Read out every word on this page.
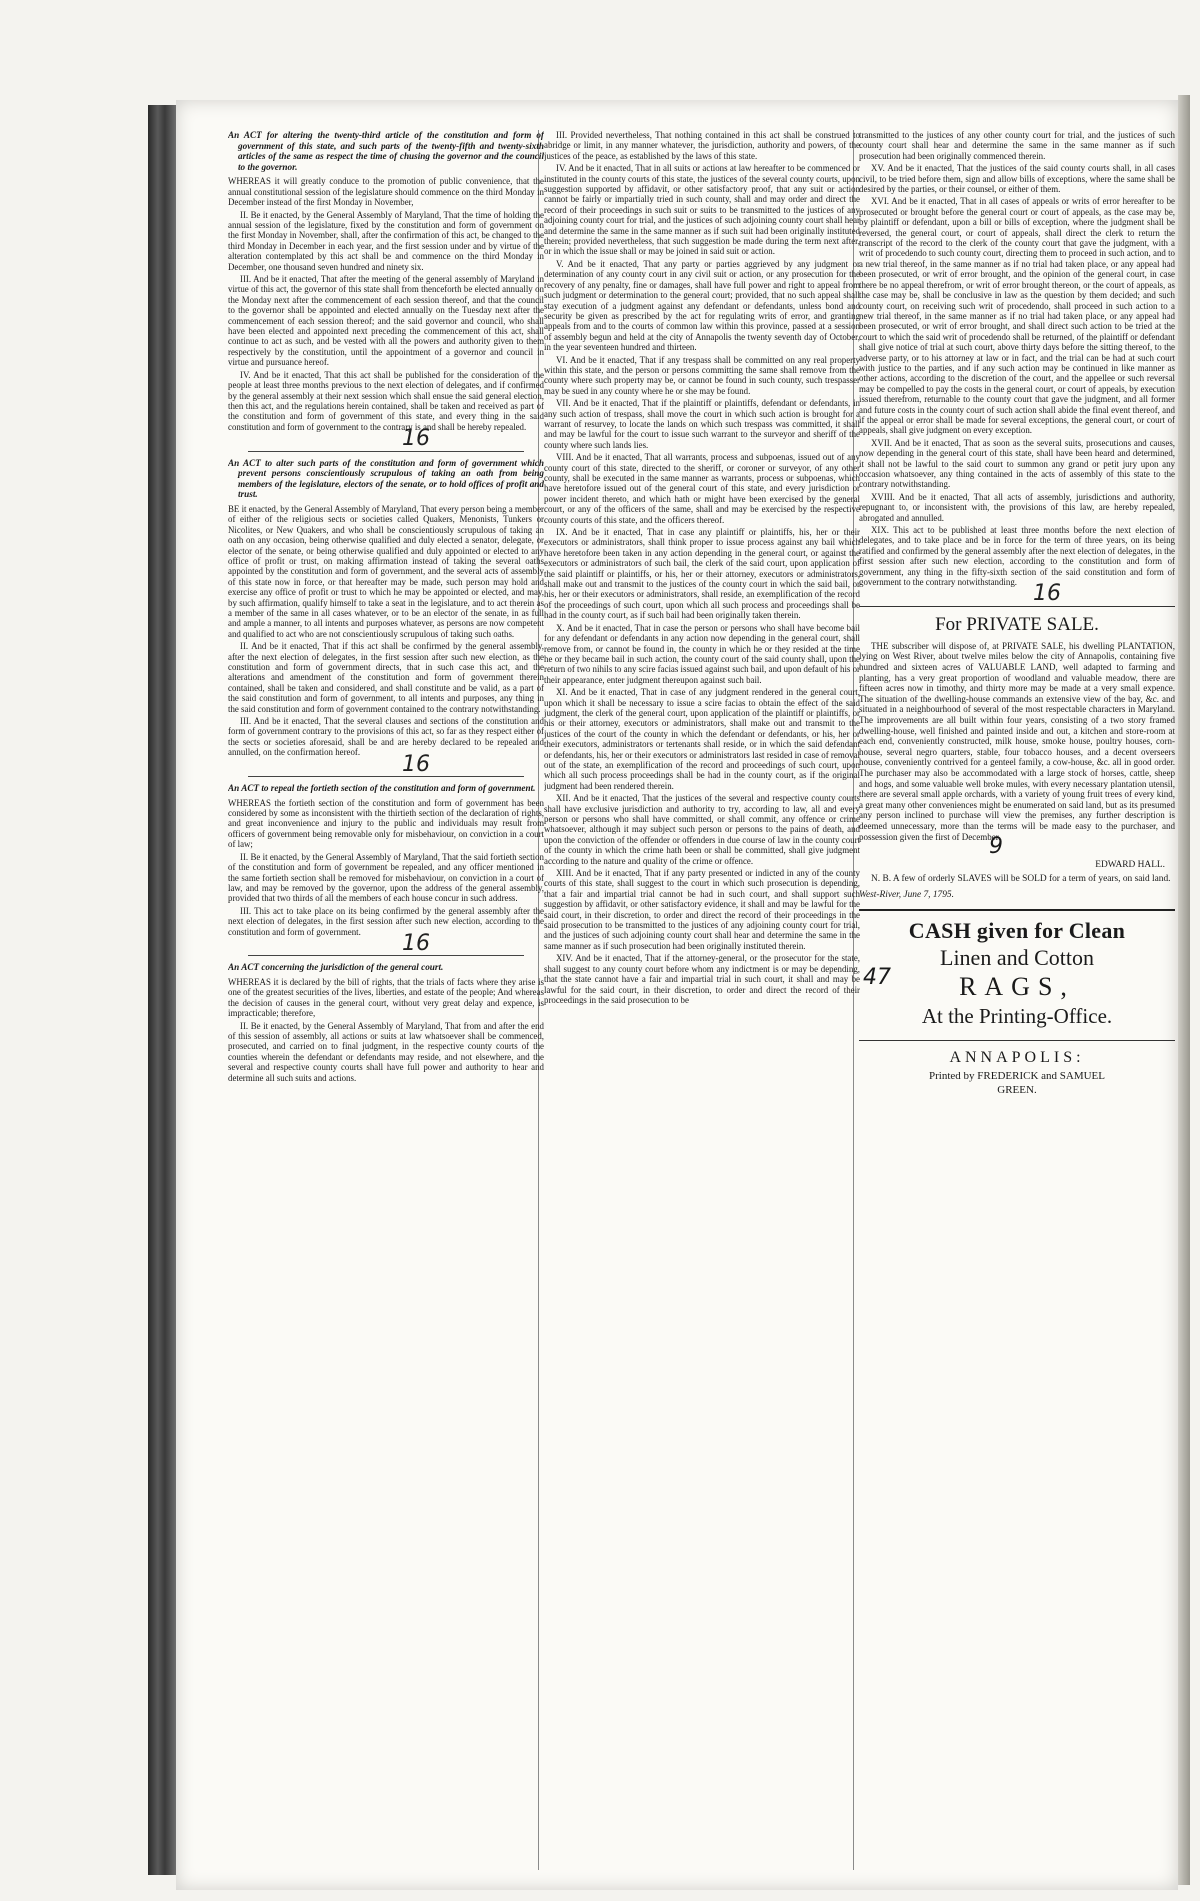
An ACT for altering the twenty-third article of the constitution and form of government of this state, and such parts of the twenty-fifth and twenty-sixth articles of the same as respect the time of chusing the governor and the council to the governor.

WHEREAS it will greatly conduce to the promotion of public convenience, that the annual constitutional session of the legislature should commence on the third Monday in December instead of the first Monday in November,

II. Be it enacted, by the General Assembly of Maryland, That the time of holding the annual session of the legislature, fixed by the constitution and form of government on the first Monday in November, shall, after the confirmation of this act, be changed to the third Monday in December in each year, and the first session under and by virtue of the alteration contemplated by this act shall be and commence on the third Monday in December, one thousand seven hundred and ninety six.

III. And be it enacted, That after the meeting of the general assembly of Maryland in virtue of this act, the governor of this state shall from thenceforth be elected annually on the Monday next after the commencement of each session thereof, and that the council to the governor shall be appointed and elected annually on the Tuesday next after the commencement of each session thereof; and the said governor and council, who shall have been elected and appointed next preceding the commencement of this act, shall continue to act as such, and be vested with all the powers and authority given to them respectively by the constitution, until the appointment of a governor and council in virtue and pursuance hereof.

IV. And be it enacted, That this act shall be published for the consideration of the people at least three months previous to the next election of delegates, and if confirmed by the general assembly at their next session which shall ensue the said general election, then this act, and the regulations herein contained, shall be taken and received as part of the constitution and form of government of this state, and every thing in the said constitution and form of government to the contrary is and shall be hereby repealed.

16
An ACT to alter such parts of the constitution and form of government which prevent persons conscientiously scrupulous of taking an oath from being members of the legislature, electors of the senate, or to hold offices of profit and trust.

BE it enacted, by the General Assembly of Maryland, That every person being a member of either of the religious sects or societies called Quakers, Menonists, Tunkers or Nicolites, or New Quakers, and who shall be conscientiously scrupulous of taking an oath on any occasion, being otherwise qualified and duly elected a senator, delegate, or elector of the senate, or being otherwise qualified and duly appointed or elected to any office of profit or trust, on making affirmation instead of taking the several oaths appointed by the constitution and form of government, and the several acts of assembly of this state now in force, or that hereafter may be made, such person may hold and exercise any office of profit or trust to which he may be appointed or elected, and may, by such affirmation, qualify himself to take a seat in the legislature, and to act therein as a member of the same in all cases whatever, or to be an elector of the senate, in as full and ample a manner, to all intents and purposes whatever, as persons are now competent and qualified to act who are not conscientiously scrupulous of taking such oaths.

II. And be it enacted, That if this act shall be confirmed by the general assembly, after the next election of delegates, in the first session after such new election, as the constitution and form of government directs, that in such case this act, and the alterations and amendment of the constitution and form of government therein contained, shall be taken and considered, and shall constitute and be valid, as a part of the said constitution and form of government, to all intents and purposes, any thing in the said constitution and form of government contained to the contrary notwithstanding.

III. And be it enacted, That the several clauses and sections of the constitution and form of government contrary to the provisions of this act, so far as they respect either of the sects or societies aforesaid, shall be and are hereby declared to be repealed and annulled, on the confirmation hereof.	16
An ACT to repeal the fortieth section of the constitution and form of government.

WHEREAS the fortieth section of the constitution and form of government has been considered by some as inconsistent with the thirtieth section of the declaration of rights, and great inconvenience and injury to the public and individuals may result from officers of government being removable only for misbehaviour, on conviction in a court of law;

II. Be it enacted, by the General Assembly of Maryland, That the said fortieth section of the constitution and form of government be repealed, and any officer mentioned in the same fortieth section shall be removed for misbehaviour, on conviction in a court of law, and may be removed by the governor, upon the address of the general assembly, provided that two thirds of all the members of each house concur in such address.

III. This act to take place on its being confirmed by the general assembly after the next election of delegates, in the first session after such new election, according to the constitution and form of government.	16
An ACT concerning the jurisdiction of the general court.

WHEREAS it is declared by the bill of rights, that the trials of facts where they arise is one of the greatest securities of the lives, liberties, and estate of the people; And whereas the decision of causes in the general court, without very great delay and expence, is impracticable; therefore,

II. Be it enacted, by the General Assembly of Maryland, That from and after the end of this session of assembly, all actions or suits at law whatsoever shall be commenced, prosecuted, and carried on to final judgment, in the respective county courts of the counties wherein the defendant or defendants may reside, and not elsewhere, and the several and respective county courts shall have full power and authority to hear and determine all such suits and actions.

III. Provided nevertheless, That nothing contained in this act shall be construed to abridge or limit, in any manner whatever, the jurisdiction, authority and powers, of the justices of the peace, as established by the laws of this state.

IV. And be it enacted, That in all suits or actions at law hereafter to be commenced or instituted in the county courts of this state, the justices of the several county courts, upon suggestion supported by affidavit, or other satisfactory proof, that any suit or action cannot be fairly or impartially tried in such county, shall and may order and direct the record of their proceedings in such suit or suits to be transmitted to the justices of any adjoining county court for trial, and the justices of such adjoining county court shall hear and determine the same in the same manner as if such suit had been originally instituted therein; provided nevertheless, that such suggestion be made during the term next after, or in which the issue shall or may be joined in said suit or action.

V. And be it enacted, That any party or parties aggrieved by any judgment or determination of any county court in any civil suit or action, or any prosecution for the recovery of any penalty, fine or damages, shall have full power and right to appeal from such judgment or determination to the general court; provided, that no such appeal shall stay execution of a judgment against any defendant or defendants, unless bond and security be given as prescribed by the act for regulating writs of error, and granting appeals from and to the courts of common law within this province, passed at a session of assembly begun and held at the city of Annapolis the twenty seventh day of October, in the year seventeen hundred and thirteen.

VI. And be it enacted, That if any trespass shall be committed on any real property within this state, and the person or persons committing the same shall remove from the county where such property may be, or cannot be found in such county, such trespasser may be sued in any county where he or she may be found.

VII. And be it enacted, That if the plaintiff or plaintiffs, defendant or defendants, in any such action of trespass, shall move the court in which such action is brought for a warrant of resurvey, to locate the lands on which such trespass was committed, it shall and may be lawful for the court to issue such warrant to the surveyor and sheriff of the county where such lands lies.

VIII. And be it enacted, That all warrants, process and subpoenas, issued out of any county court of this state, directed to the sheriff, or coroner or surveyor, of any other county, shall be executed in the same manner as warrants, process or subpoenas, which have heretofore issued out of the general court of this state, and every jurisdiction or power incident thereto, and which hath or might have been exercised by the general court, or any of the officers of the same, shall and may be exercised by the respective county courts of this state, and the officers thereof.

IX. And be it enacted, That in case any plaintiff or plaintiffs, his, her or their executors or administrators, shall think proper to issue process against any bail which have heretofore been taken in any action depending in the general court, or against the executors or administrators of such bail, the clerk of the said court, upon application of the said plaintiff or plaintiffs, or his, her or their attorney, executors or administrators, shall make out and transmit to the justices of the county court in which the said bail, or his, her or their executors or administrators, shall reside, an exemplification of the record of the proceedings of such court, upon which all such process and proceedings shall be had in the county court, as if such bail had been originally taken therein.

X. And be it enacted, That in case the person or persons who shall have become bail for any defendant or defendants in any action now depending in the general court, shall remove from, or cannot be found in, the county in which he or they resided at the time he or they became bail in such action, the county court of the said county shall, upon the return of two nihils to any scire facias issued against such bail, and upon default of his or their appearance, enter judgment thereupon against such bail.

XI. And be it enacted, That in case of any judgment rendered in the general court, upon which it shall be necessary to issue a scire facias to obtain the effect of the said judgment, the clerk of the general court, upon application of the plaintiff or plaintiffs, or his or their attorney, executors or administrators, shall make out and transmit to the justices of the court of the county in which the defendant or defendants, or his, her or their executors, administrators or tertenants shall reside, or in which the said defendant or defendants, his, her or their executors or administrators last resided in case of removal out of the state, an exemplification of the record and proceedings of such court, upon which all such process proceedings shall be had in the county court, as if the original judgment had been rendered therein.

XII. And be it enacted, That the justices of the several and respective county courts shall have exclusive jurisdiction and authority to try, according to law, all and every person or persons who shall have committed, or shall commit, any offence or crime whatsoever, although it may subject such person or persons to the pains of death, and upon the conviction of the offender or offenders in due course of law in the county court of the county in which the crime hath been or shall be committed, shall give judgment according to the nature and quality of the crime or offence.

XIII. And be it enacted, That if any party presented or indicted in any of the county courts of this state, shall suggest to the court in which such prosecution is depending, that a fair and impartial trial cannot be had in such court, and shall support such suggestion by affidavit, or other satisfactory evidence, it shall and may be lawful for the said court, in their discretion, to order and direct the record of their proceedings in the said prosecution to be transmitted to the justices of any adjoining county court for trial, and the justices of such adjoining county court shall hear and determine the same in the same manner as if such prosecution had been originally instituted therein.

XIV. And be it enacted, That if the attorney-general, or the prosecutor for the state, shall suggest to any county court before whom any indictment is or may be depending, that the state cannot have a fair and impartial trial in such court, it shall and may be lawful for the said court, in their discretion, to order and direct the record of their proceedings in the said prosecution to be

transmitted to the justices of any other county court for trial, and the justices of such county court shall hear and determine the same in the same manner as if such prosecution had been originally commenced therein.

XV. And be it enacted, That the justices of the said county courts shall, in all cases civil, to be tried before them, sign and allow bills of exceptions, where the same shall be desired by the parties, or their counsel, or either of them.

XVI. And be it enacted, That in all cases of appeals or writs of error hereafter to be prosecuted or brought before the general court or court of appeals, as the case may be, by plaintiff or defendant, upon a bill or bills of exception, where the judgment shall be reversed, the general court, or court of appeals, shall direct the clerk to return the transcript of the record to the clerk of the county court that gave the judgment, with a writ of procedendo to such county court, directing them to proceed in such action, and to a new trial thereof, in the same manner as if no trial had taken place, or any appeal had been prosecuted, or writ of error brought, and the opinion of the general court, in case there be no appeal therefrom, or writ of error brought thereon, or the court of appeals, as the case may be, shall be conclusive in law as the question by them decided; and such county court, on receiving such writ of procedendo, shall proceed in such action to a new trial thereof, in the same manner as if no trial had taken place, or any appeal had been prosecuted, or writ of error brought, and shall direct such action to be tried at the court to which the said writ of procedendo shall be returned, of the plaintiff or defendant shall give notice of trial at such court, above thirty days before the sitting thereof, to the adverse party, or to his attorney at law or in fact, and the trial can be had at such court with justice to the parties, and if any such action may be continued in like manner as other actions, according to the discretion of the court, and the appellee or such reversal may be compelled to pay the costs in the general court, or court of appeals, by execution issued therefrom, returnable to the county court that gave the judgment, and all former and future costs in the county court of such action shall abide the final event thereof, and if the appeal or error shall be made for several exceptions, the general court, or court of appeals, shall give judgment on every exception.

XVII. And be it enacted, That as soon as the several suits, prosecutions and causes, now depending in the general court of this state, shall have been heard and determined, it shall not be lawful to the said court to summon any grand or petit jury upon any occasion whatsoever, any thing contained in the acts of assembly of this state to the contrary notwithstanding.

XVIII. And be it enacted, That all acts of assembly, jurisdictions and authority, repugnant to, or inconsistent with, the provisions of this law, are hereby repealed, abrogated and annulled.

XIX. This act to be published at least three months before the next election of delegates, and to take place and be in force for the term of three years, on its being ratified and confirmed by the general assembly after the next election of delegates, in the first session after such new election, according to the constitution and form of government, any thing in the fifty-sixth section of the said constitution and form of government to the contrary notwithstanding. 16
For PRIVATE SALE.

THE subscriber will dispose of, at PRIVATE SALE, his dwelling PLANTATION, lying on West River, about twelve miles below the city of Annapolis, containing five hundred and sixteen acres of VALUABLE LAND, well adapted to farming and planting, has a very great proportion of woodland and valuable meadow, there are fifteen acres now in timothy, and thirty more may be made at a very small expence. The situation of the dwelling-house commands an extensive view of the bay, &c. and situated in a neighbourhood of several of the most respectable characters in Maryland. The improvements are all built within four years, consisting of a two story framed dwelling-house, well finished and painted inside and out, a kitchen and store-room at each end, conveniently constructed, milk house, smoke house, poultry houses, corn-house, several negro quarters, stable, four tobacco houses, and a decent overseers house, conveniently contrived for a genteel family, a cow-house, &c. all in good order. The purchaser may also be accommodated with a large stock of horses, cattle, sheep and hogs, and some valuable well broke mules, with every necessary plantation utensil, there are several small apple orchards, with a variety of young fruit trees of every kind, a great many other conveniences might be enumerated on said land, but as its presumed any person inclined to purchase will view the premises, any further description is deemed unnecessary, more than the terms will be made easy to the purchaser, and possession given the first of December.

9
EDWARD HALL.
N. B. A few of orderly SLAVES will be SOLD for a term of years, on said land.
West-River, June 7, 1795.
CASH given for Clean
Linen and Cotton
47	RAGS,
At the Printing-Office.
ANNAPOLIS:
Printed by FREDERICK and SAMUEL
GREEN.
